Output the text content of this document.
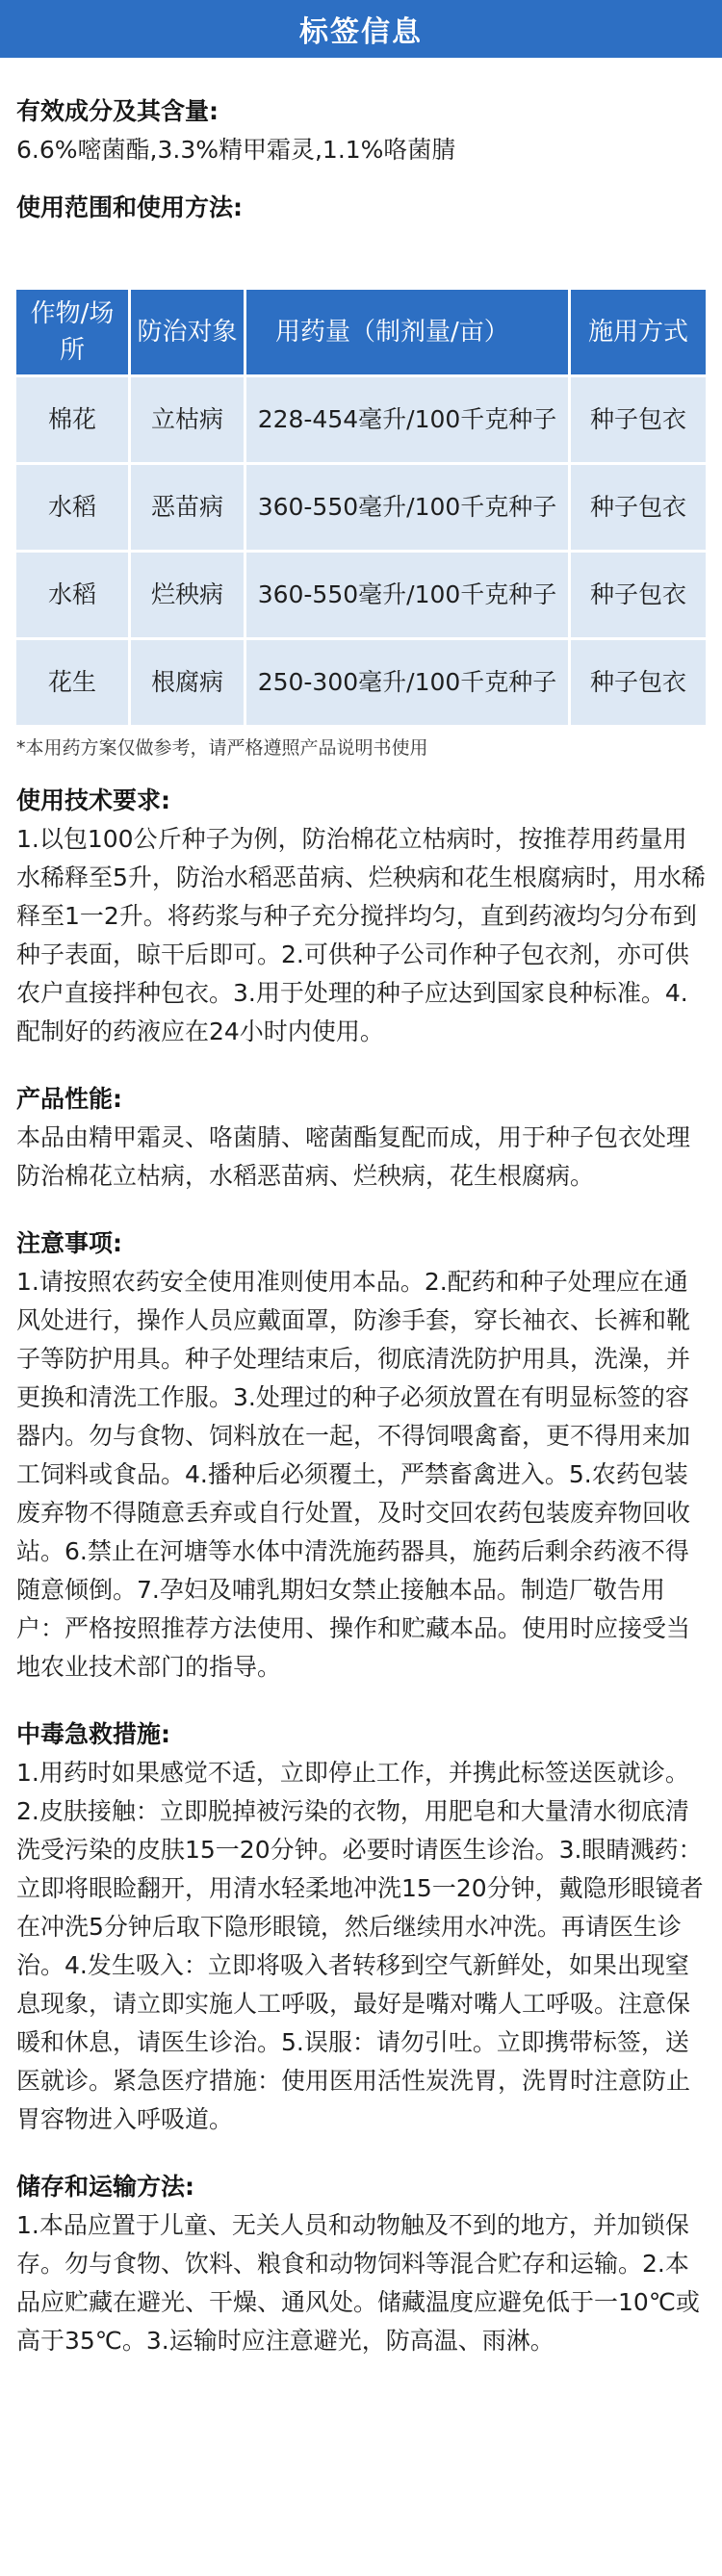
标签信息
有效成分及其含量:
6.6%嘧菌酯,3.3%精甲霜灵,1.1%咯菌腈
使用范围和使用方法:
作物/场所	防治对象	用药量（制剂量/亩）	施用方式
棉花	立枯病	228-454毫升/100千克种子	种子包衣
水稻	恶苗病	360-550毫升/100千克种子	种子包衣
水稻	烂秧病	360-550毫升/100千克种子	种子包衣
花生	根腐病	250-300毫升/100千克种子	种子包衣
*本用药方案仅做参考，请严格遵照产品说明书使用
使用技术要求:
1.以包100公斤种子为例，防治棉花立枯病时，按推荐用药量用水稀释至5升，防治水稻恶苗病、烂秧病和花生根腐病时，用水稀释至1一2升。将药浆与种子充分搅拌均匀，直到药液均匀分布到种子表面，晾干后即可。2.可供种子公司作种子包衣剂，亦可供农户直接拌种包衣。3.用于处理的种子应达到国家良种标准。4.配制好的药液应在24小时内使用。
产品性能:
本品由精甲霜灵、咯菌腈、嘧菌酯复配而成，用于种子包衣处理防治棉花立枯病，水稻恶苗病、烂秧病，花生根腐病。
注意事项:
1.请按照农药安全使用准则使用本品。2.配药和种子处理应在通风处进行，操作人员应戴面罩，防渗手套，穿长袖衣、长裤和靴子等防护用具。种子处理结束后，彻底清洗防护用具，洗澡，并更换和清洗工作服。3.处理过的种子必须放置在有明显标签的容器内。勿与食物、饲料放在一起，不得饲喂禽畜，更不得用来加工饲料或食品。4.播种后必须覆土，严禁畜禽进入。5.农药包装废弃物不得随意丢弃或自行处置，及时交回农药包装废弃物回收站。6.禁止在河塘等水体中清洗施药器具，施药后剩余药液不得随意倾倒。7.孕妇及哺乳期妇女禁止接触本品。制造厂敬告用户：严格按照推荐方法使用、操作和贮藏本品。使用时应接受当地农业技术部门的指导。
中毒急救措施:
1.用药时如果感觉不适，立即停止工作，并携此标签送医就诊。2.皮肤接触：立即脱掉被污染的衣物，用肥皂和大量清水彻底清洗受污染的皮肤15一20分钟。必要时请医生诊治。3.眼睛溅药：立即将眼睑翻开，用清水轻柔地冲洗15一20分钟，戴隐形眼镜者在冲洗5分钟后取下隐形眼镜，然后继续用水冲洗。再请医生诊治。4.发生吸入：立即将吸入者转移到空气新鲜处，如果出现窒息现象，请立即实施人工呼吸，最好是嘴对嘴人工呼吸。注意保暖和休息，请医生诊治。5.误服：请勿引吐。立即携带标签，送医就诊。紧急医疗措施：使用医用活性炭洗胃，洗胃时注意防止胃容物进入呼吸道。
储存和运输方法:
1.本品应置于儿童、无关人员和动物触及不到的地方，并加锁保存。勿与食物、饮料、粮食和动物饲料等混合贮存和运输。2.本品应贮藏在避光、干燥、通风处。储藏温度应避免低于一10℃或高于35℃。3.运输时应注意避光，防高温、雨淋。
